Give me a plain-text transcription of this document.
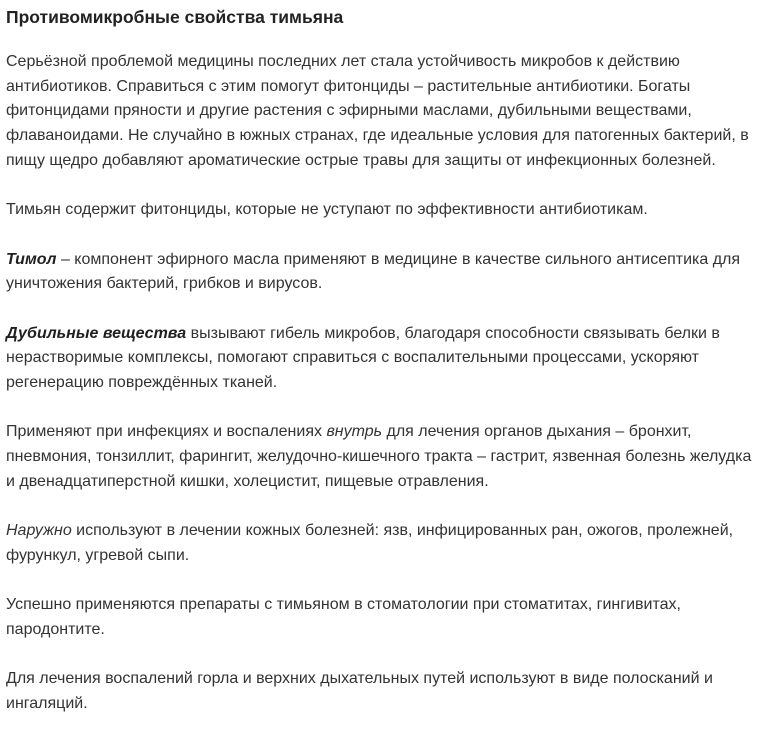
Противомикробные свойства тимьяна

Серьёзной проблемой медицины последних лет стала устойчивость микробов к действию антибиотиков. Справиться с этим помогут фитонциды – растительные антибиотики. Богаты фитонцидами пряности и другие растения с эфирными маслами, дубильными веществами, флаваноидами. Не случайно в южных странах, где идеальные условия для патогенных бактерий, в пищу щедро добавляют ароматические острые травы для защиты от инфекционных болезней.

Тимьян содержит фитонциды, которые не уступают по эффективности антибиотикам.

Тимол – компонент эфирного масла применяют в медицине в качестве сильного антисептика для уничтожения бактерий, грибков и вирусов.

Дубильные вещества вызывают гибель микробов, благодаря способности связывать белки в нерастворимые комплексы, помогают справиться с воспалительными процессами, ускоряют регенерацию повреждённых тканей.

Применяют при инфекциях и воспалениях внутрь для лечения органов дыхания – бронхит, пневмония, тонзиллит, фарингит, желудочно-кишечного тракта – гастрит, язвенная болезнь желудка и двенадцатиперстной кишки, холецистит, пищевые отравления.

Наружно используют в лечении кожных болезней: язв, инфицированных ран, ожогов, пролежней, фурункул, угревой сыпи.

Успешно применяются препараты с тимьяном в стоматологии при стоматитах, гингивитах, пародонтите.

Для лечения воспалений горла и верхних дыхательных путей используют в виде полосканий и ингаляций.
